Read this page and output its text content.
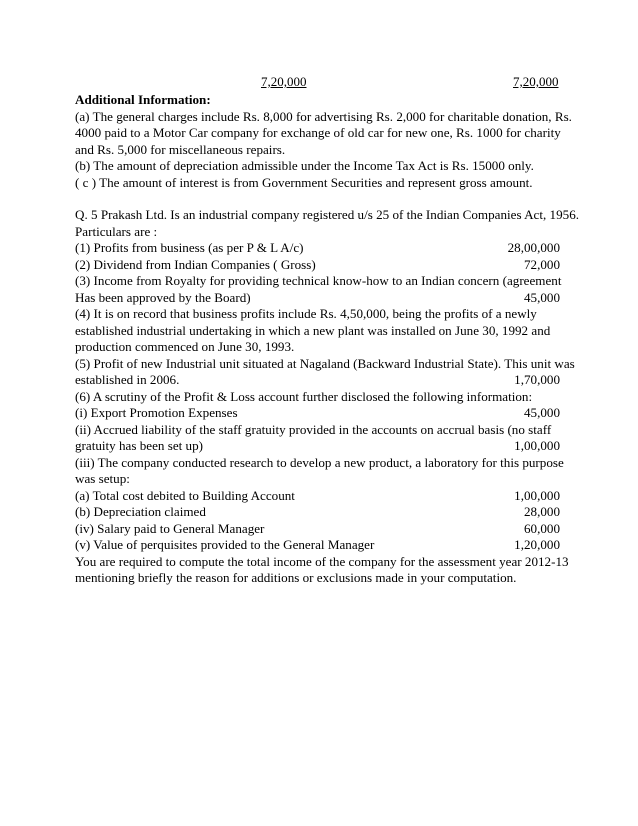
7,20,000	7,20,000
Additional Information:
(a) The general charges include Rs. 8,000 for advertising Rs. 2,000 for charitable donation, Rs.
4000 paid to a Motor Car company for exchange of old car for new one, Rs. 1000 for charity
and Rs. 5,000 for miscellaneous repairs.
(b) The amount of depreciation admissible under the Income Tax Act is Rs. 15000 only.
( c ) The amount of interest is from Government Securities and represent gross amount.
Q. 5 Prakash Ltd. Is an industrial company registered u/s 25 of the Indian Companies Act, 1956.
Particulars are :
(1) Profits from business (as per P & L A/c)	28,00,000
(2) Dividend from Indian Companies ( Gross)	72,000
(3) Income from Royalty for providing technical know-how to an Indian concern (agreement
Has been approved by the Board)	45,000
(4) It is on record that business profits include Rs. 4,50,000, being the profits of a newly
established industrial undertaking in which a new plant was installed on June 30, 1992 and
production commenced on June 30, 1993.
(5) Profit of new Industrial unit situated at Nagaland (Backward Industrial State). This unit was
established in 2006.	1,70,000
(6) A scrutiny of the Profit & Loss account further disclosed the following information:
(i) Export Promotion Expenses	45,000
(ii) Accrued liability of the staff gratuity provided in the accounts on accrual basis (no staff
gratuity has been set up)	1,00,000
(iii) The company conducted research to develop a new product, a laboratory for this purpose
was setup:
(a) Total cost debited to Building Account	1,00,000
(b) Depreciation claimed	28,000
(iv) Salary paid to General Manager	60,000
(v) Value of perquisites provided to the General Manager	1,20,000
You are required to compute the total income of the company for the assessment year 2012-13
mentioning briefly the reason for additions or exclusions made in your computation.
